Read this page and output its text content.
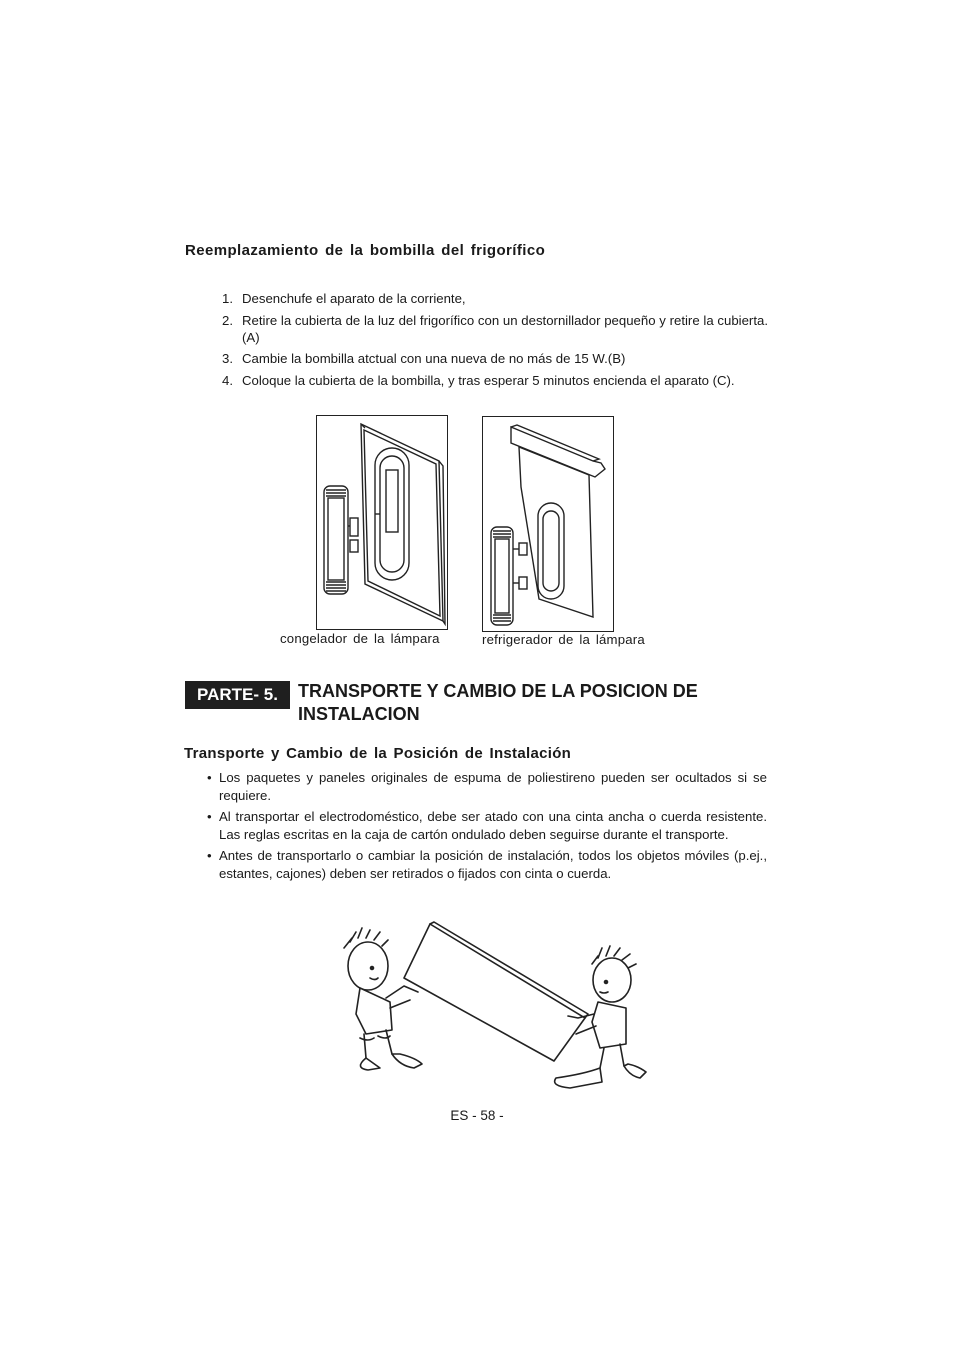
Reemplazamiento de la bombilla del frigorífico
1. Desenchufe el aparato de la corriente,
2. Retire la cubierta de la luz del frigorífico con un destornillador pequeño y retire la cubierta. (A)
3. Cambie la bombilla atctual con una nueva de no más de 15 W.(B)
4. Coloque la cubierta de la bombilla, y tras esperar 5 minutos encienda el aparato (C).
congelador de la lámpara	refrigerador de la lámpara
PARTE- 5.	TRANSPORTE Y CAMBIO DE LA POSICION DE INSTALACION
Transporte y Cambio de la Posición de Instalación
• Los paquetes y paneles originales de espuma de poliestireno pueden ser ocultados si se requiere.
• Al transportar el electrodoméstico, debe ser atado con una cinta ancha o cuerda resistente. Las reglas escritas en la caja de cartón ondulado deben seguirse durante el transporte.
• Antes de transportarlo o cambiar la posición de instalación, todos los objetos móviles (p.ej., estantes, cajones) deben ser retirados o fijados con cinta o cuerda.
ES - 58 -
